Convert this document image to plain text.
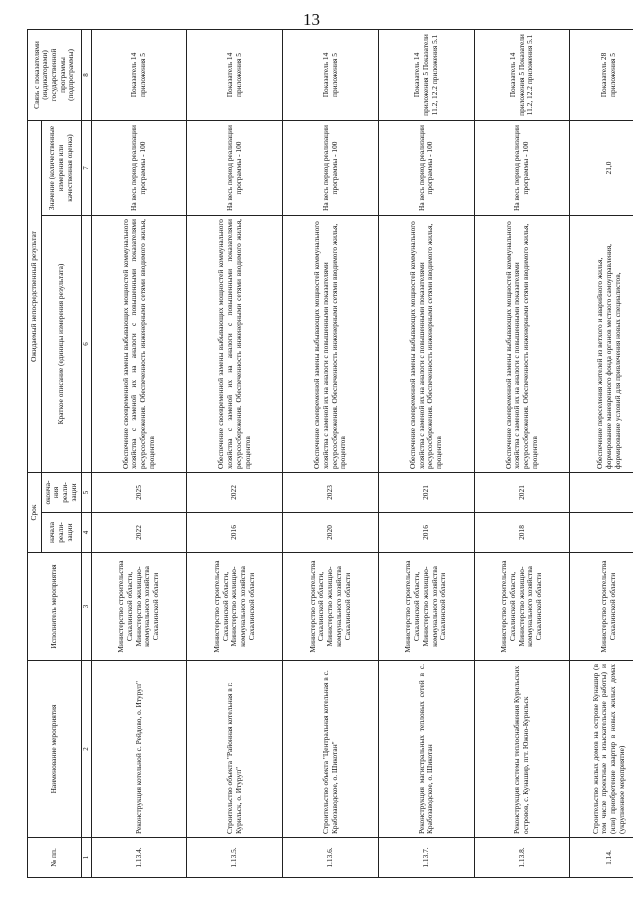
13
№ пп.	Наименование мероприятия	Исполнитель мероприятия	Срок		Ожидаемый непосредственный результат		Связь с показателями (индикаторами) государственной программы (подпрограммы)
			начала реали-зации	оконча-ния реали-зации	Краткое описание (единицы измерения результата)	Значение (количественные измерения или качественная оценка)	

1	2	3	4	5	6	7	8
1.13.4.	Реконструкция котельной с. Рейдово, о. Итуруп"	Министерство строительства Сахалинской области, Министерство жилищно-коммунального хозяйства Сахалинской области	2022	2025	Обеспечение своевременной замены выбывающих мощностей коммунального хозяйства с заменой их на аналоги с повышенными показателями ресурсосбережения. Обеспеченность инженерными сетями вводимого жилья, процентов	На весь период реализации программы - 100	Показатель 14 приложения 5
1.13.5.	Строительство объекта "Районная котельная в г. Курильск, о. Итуруп"	Министерство строительства Сахалинской области, Министерство жилищно-коммунального хозяйства Сахалинской области	2016	2022	Обеспечение своевременной замены выбывающих мощностей коммунального хозяйства с заменой их на аналоги с повышенными показателями ресурсосбережения. Обеспеченность инженерными сетями вводимого жилья, процентов	На весь период реализации программы - 100	Показатель 14 приложения 5
1.13.6.	Строительство объекта "Центральная котельная в с. Крабозаводское, о. Шикотан"	Министерство строительства Сахалинской области, Министерство жилищно-коммунального хозяйства Сахалинской области	2020	2023	Обеспечение своевременной замены выбывающих мощностей коммунального хозяйства с заменой их на аналоги с повышенными показателями ресурсосбережения. Обеспеченность инженерными сетями вводимого жилья, процентов	На весь период реализации программы - 100	Показатель 14 приложения 5
1.13.7.	Реконструкция магистральных тепловых сетей в с. Крабозаводское, о. Шикотан	Министерство строительства Сахалинской области, Министерство жилищно-коммунального хозяйства Сахалинской области	2016	2021	Обеспечение своевременной замены выбывающих мощностей коммунального хозяйства с заменой их на аналоги с повышенными показателями ресурсосбережения. Обеспеченность инженерными сетями вводимого жилья, процентов	На весь период реализации программы - 100	Показатель 14 приложения 5 Показатели 11.2, 12.2 приложения 5.1
1.13.8.	Реконструкция системы теплоснабжения Курильских островов, с. Кунашир, пгт. Южно-Курильск	Министерство строительства Сахалинской области, Министерство жилищно-коммунального хозяйства Сахалинской области	2018	2021	Обеспечение своевременной замены выбывающих мощностей коммунального хозяйства с заменой их на аналоги с повышенными показателями ресурсосбережения. Обеспеченность инженерными сетями вводимого жилья, процентов	На весь период реализации программы - 100	Показатель 14 приложения 5 Показатели 11.2, 12.2 приложения 5.1
1.14.	Строительство жилых домов на острове Кунашир (в том числе проектные и изыскательские работы) и (или) приобретение квартир в новых жилых домах (укрупненное мероприятие)	Министерство строительства Сахалинской области			Обеспечение переселения жителей из ветхого и аварийного жилья, формирование маневренного фонда органов местного самоуправления, формирование условий для привлечения новых специалистов,	21,0	Показатель 28 приложения 5
